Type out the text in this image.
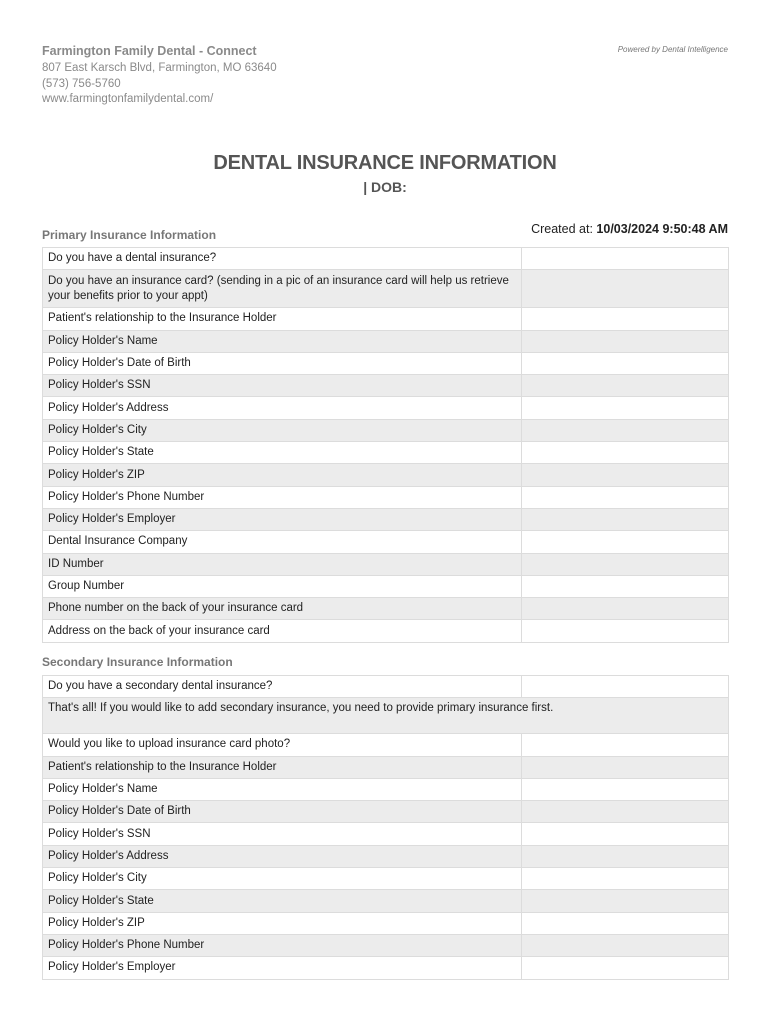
Farmington Family Dental - Connect
807 East Karsch Blvd, Farmington, MO 63640
(573) 756-5760
www.farmingtonfamilydental.com/
Powered by Dental Intelligence
DENTAL INSURANCE INFORMATION
| DOB:
Created at: 10/03/2024 9:50:48 AM
Primary Insurance Information
Do you have a dental insurance?	
Do you have an insurance card? (sending in a pic of an insurance card will help us retrieve your benefits prior to your appt)	
Patient's relationship to the Insurance Holder	
Policy Holder's Name	
Policy Holder's Date of Birth	
Policy Holder's SSN	
Policy Holder's Address	
Policy Holder's City	
Policy Holder's State	
Policy Holder's ZIP	
Policy Holder's Phone Number	
Policy Holder's Employer	
Dental Insurance Company	
ID Number	
Group Number	
Phone number on the back of your insurance card	
Address on the back of your insurance card	
Secondary Insurance Information
Do you have a secondary dental insurance?	
That's all! If you would like to add secondary insurance, you need to provide primary insurance first.	
Would you like to upload insurance card photo?	
Patient's relationship to the Insurance Holder	
Policy Holder's Name	
Policy Holder's Date of Birth	
Policy Holder's SSN	
Policy Holder's Address	
Policy Holder's City	
Policy Holder's State	
Policy Holder's ZIP	
Policy Holder's Phone Number	
Policy Holder's Employer	
